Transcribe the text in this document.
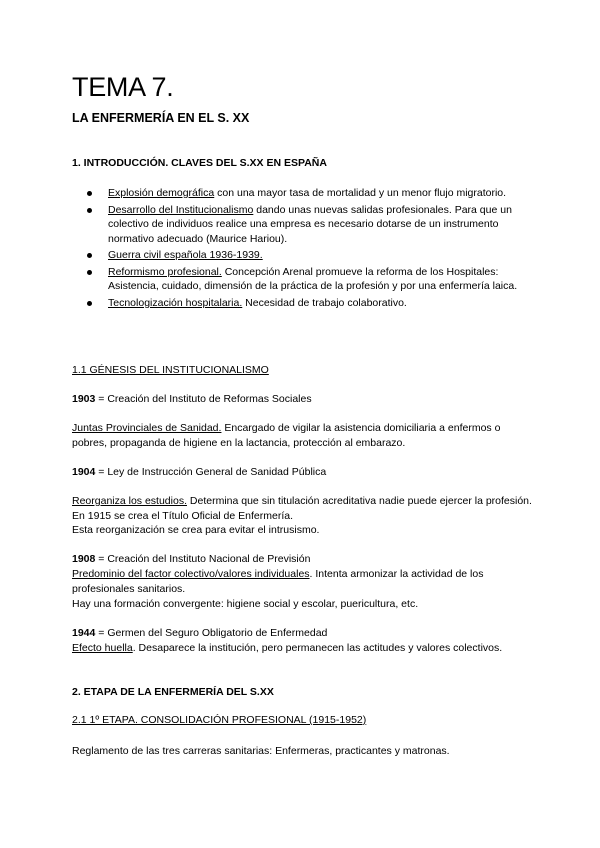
TEMA 7.
LA ENFERMERÍA EN EL S. XX
1. INTRODUCCIÓN. CLAVES DEL S.XX EN ESPAÑA
Explosión demográfica con una mayor tasa de mortalidad y un menor flujo migratorio.
Desarrollo del Institucionalismo dando unas nuevas salidas profesionales. Para que un colectivo de individuos realice una empresa es necesario dotarse de un instrumento normativo adecuado (Maurice Hariou).
Guerra civil española 1936-1939.
Reformismo profesional. Concepción Arenal promueve la reforma de los Hospitales: Asistencia, cuidado, dimensión de la práctica de la profesión y por una enfermería laica.
Tecnologización hospitalaria. Necesidad de trabajo colaborativo.
1.1 GÉNESIS DEL INSTITUCIONALISMO
1903 = Creación del Instituto de Reformas Sociales
Juntas Provinciales de Sanidad. Encargado de vigilar la asistencia domiciliaria a enfermos o pobres, propaganda de higiene en la lactancia, protección al embarazo.
1904 = Ley de Instrucción General de Sanidad Pública
Reorganiza los estudios. Determina que sin titulación acreditativa nadie puede ejercer la profesión. En 1915 se crea el Título Oficial de Enfermería.
Esta reorganización se crea para evitar el intrusismo.
1908 = Creación del Instituto Nacional de Previsión
Predominio del factor colectivo/valores individuales. Intenta armonizar la actividad de los profesionales sanitarios.
Hay una formación convergente: higiene social y escolar, puericultura, etc.
1944 = Germen del Seguro Obligatorio de Enfermedad
Efecto huella. Desaparece la institución, pero permanecen las actitudes y valores colectivos.
2. ETAPA DE LA ENFERMERÍA DEL S.XX
2.1 1º ETAPA. CONSOLIDACIÓN PROFESIONAL (1915-1952)
Reglamento de las tres carreras sanitarias: Enfermeras, practicantes y matronas.
